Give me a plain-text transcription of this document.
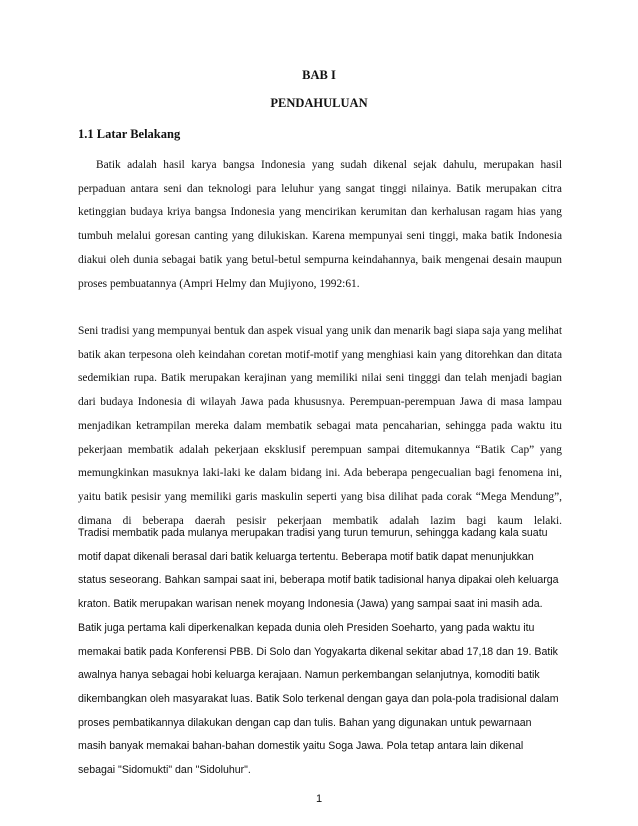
BAB I

PENDAHULUAN

1.1 Latar Belakang

Batik adalah hasil karya bangsa Indonesia yang sudah dikenal sejak dahulu, merupakan hasil perpaduan antara seni dan teknologi para leluhur yang sangat tinggi nilainya. Batik merupakan citra ketinggian budaya kriya bangsa Indonesia yang mencirikan kerumitan dan kerhalusan ragam hias yang tumbuh melalui goresan canting yang dilukiskan. Karena mempunyai seni tinggi, maka batik Indonesia diakui oleh dunia sebagai batik yang betul-betul sempurna keindahannya, baik mengenai desain maupun proses pembuatannya (Ampri Helmy dan Mujiyono, 1992:61.

Seni tradisi yang mempunyai bentuk dan aspek visual yang unik dan menarik bagi siapa saja yang melihat batik akan terpesona oleh keindahan coretan motif-motif yang menghiasi kain yang ditorehkan dan ditata sedemikian rupa. Batik merupakan kerajinan yang memiliki nilai seni tingggi dan telah menjadi bagian dari budaya Indonesia di wilayah Jawa pada khususnya. Perempuan-perempuan Jawa di masa lampau menjadikan ketrampilan mereka dalam membatik sebagai mata pencaharian, sehingga pada waktu itu pekerjaan membatik adalah pekerjaan eksklusif perempuan sampai ditemukannya “Batik Cap” yang memungkinkan masuknya laki-laki ke dalam bidang ini. Ada beberapa pengecualian bagi fenomena ini, yaitu batik pesisir yang memiliki garis maskulin seperti yang bisa dilihat pada corak “Mega Mendung”, dimana di beberapa daerah pesisir pekerjaan membatik adalah lazim bagi kaum lelaki.

Tradisi membatik pada mulanya merupakan tradisi yang turun temurun, sehingga kadang kala suatu motif dapat dikenali berasal dari batik keluarga tertentu. Beberapa motif batik dapat menunjukkan status seseorang. Bahkan sampai saat ini, beberapa motif batik tadisional hanya dipakai oleh keluarga kraton. Batik merupakan warisan nenek moyang Indonesia (Jawa) yang sampai saat ini masih ada. Batik juga pertama kali diperkenalkan kepada dunia oleh Presiden Soeharto, yang pada waktu itu memakai batik pada Konferensi PBB. Di Solo dan Yogyakarta dikenal sekitar abad 17,18 dan 19. Batik awalnya hanya sebagai hobi keluarga kerajaan. Namun perkembangan selanjutnya, komoditi batik dikembangkan oleh masyarakat luas. Batik Solo terkenal dengan gaya dan pola-pola tradisional dalam proses pembatikannya dilakukan dengan cap dan tulis. Bahan yang digunakan untuk pewarnaan masih banyak memakai bahan-bahan domestik yaitu Soga Jawa. Pola tetap antara lain dikenal sebagai "Sidomukti" dan "Sidoluhur".

1
